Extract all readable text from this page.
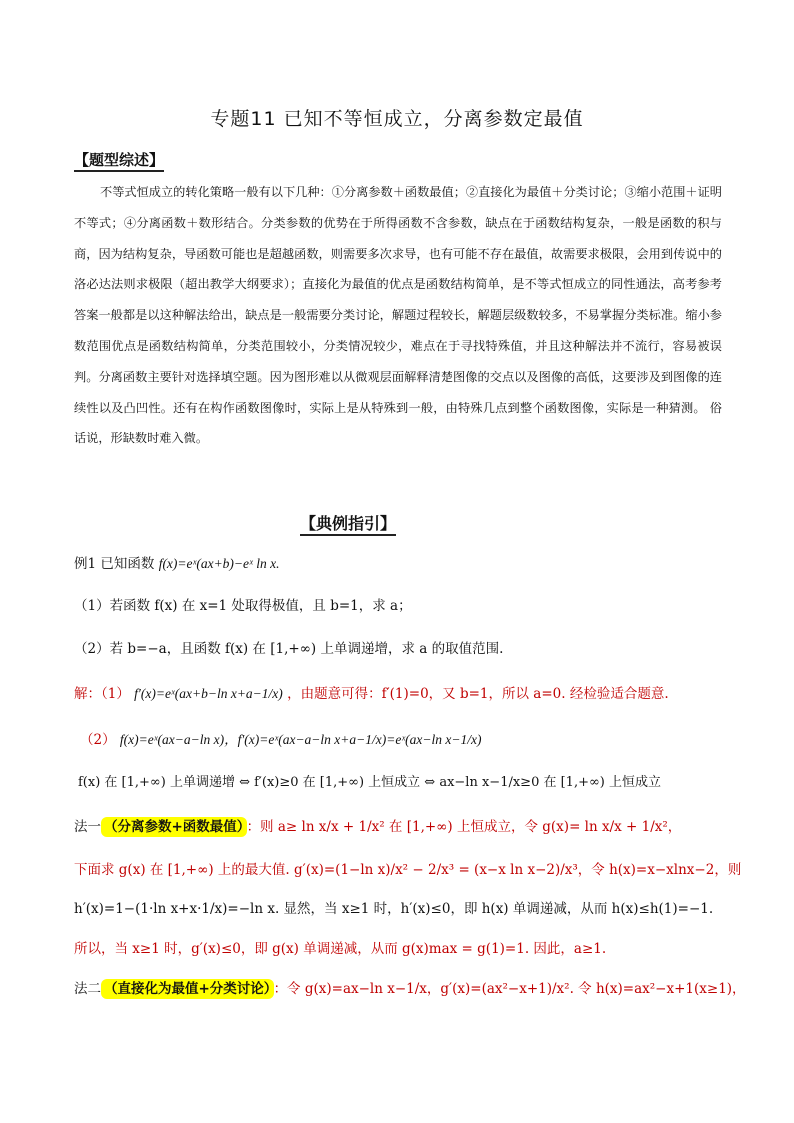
专题11 已知不等恒成立，分离参数定最值
【题型综述】
不等式恒成立的转化策略一般有以下几种：①分离参数＋函数最值；②直接化为最值＋分类讨论；③缩小范围＋证明不等式；④分离函数＋数形结合。分类参数的优势在于所得函数不含参数，缺点在于函数结构复杂，一般是函数的积与商，因为结构复杂，导函数可能也是超越函数，则需要多次求导，也有可能不存在最值，故需要求极限，会用到传说中的洛必达法则求极限（超出教学大纲要求）；直接化为最值的优点是函数结构简单，是不等式恒成立的同性通法，高考参考答案一般都是以这种解法给出，缺点是一般需要分类讨论，解题过程较长，解题层级数较多，不易掌握分类标准。缩小参数范围优点是函数结构简单，分类范围较小，分类情况较少，难点在于寻找特殊值，并且这种解法并不流行，容易被误判。分离函数主要针对选择填空题。因为图形难以从微观层面解释清楚图像的交点以及图像的高低，这要涉及到图像的连续性以及凸凹性。还有在构作函数图像时，实际上是从特殊到一般，由特殊几点到整个函数图像，实际是一种猜测。 俗话说，形缺数时难入微。
【典例指引】
例1 已知函数 f(x)=eˣ(ax+b)−eˣ ln x.
（1）若函数 f(x) 在 x=1 处取得极值，且 b=1，求 a；
（2）若 b=−a，且函数 f(x) 在 [1,+∞) 上单调递增，求 a 的取值范围.
解：（1） f′(x)=eˣ(ax+b−ln x+a−1/x) ，由题意可得：f′(1)=0，又 b=1，所以 a=0. 经检验适合题意.
（2） f(x)=eˣ(ax−a−ln x)，f′(x)=eˣ(ax−a−ln x+a−1/x)=eˣ(ax−ln x−1/x)
f(x) 在 [1,+∞) 上单调递增 ⇔ f′(x)≥0 在 [1,+∞) 上恒成立 ⇔ ax−ln x−1/x≥0 在 [1,+∞) 上恒成立
法一 （分离参数+函数最值） ：则 a≥ ln x/x + 1/x² 在 [1,+∞) 上恒成立，令 g(x)= ln x/x + 1/x²，
下面求 g(x) 在 [1,+∞) 上的最大值. g′(x)=(1−ln x)/x² − 2/x³ = (x−x ln x−2)/x³，令 h(x)=x−xlnx−2，则
h′(x)=1−(1·ln x+x·1/x)=−ln x. 显然，当 x≥1 时，h′(x)≤0，即 h(x) 单调递减，从而 h(x)≤h(1)=−1.
所以，当 x≥1 时，g′(x)≤0，即 g(x) 单调递减，从而 g(x)max = g(1)=1. 因此，a≥1.
法二 （直接化为最值+分类讨论） ：令 g(x)=ax−ln x−1/x，g′(x)=(ax²−x+1)/x². 令 h(x)=ax²−x+1(x≥1)，
